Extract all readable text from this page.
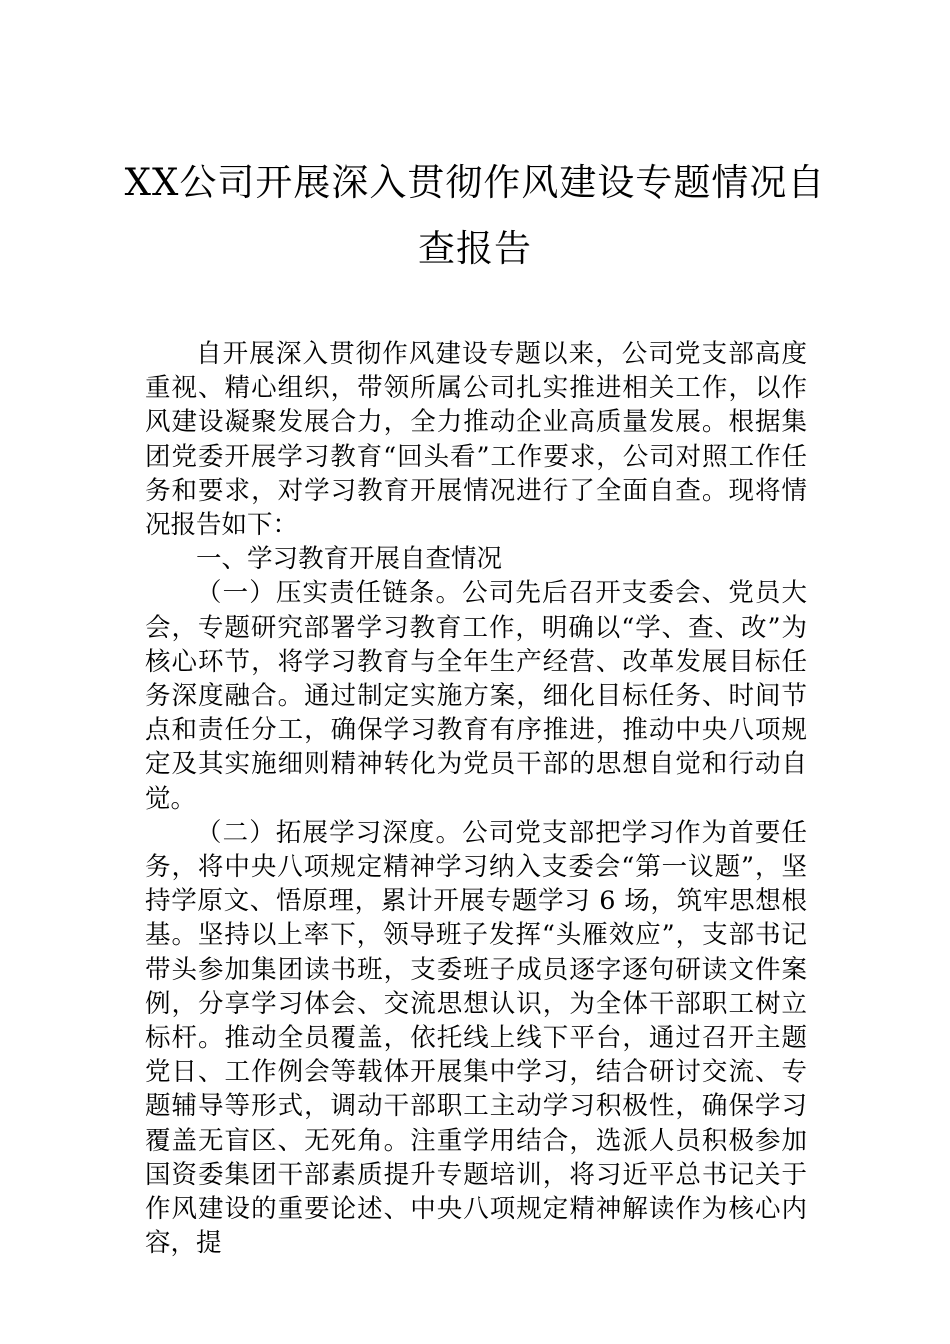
XX公司开展深入贯彻作风建设专题情况自查报告

自开展深入贯彻作风建设专题以来，公司党支部高度重视、精心组织，带领所属公司扎实推进相关工作，以作风建设凝聚发展合力，全力推动企业高质量发展。根据集团党委开展学习教育“回头看”工作要求，公司对照工作任务和要求，对学习教育开展情况进行了全面自查。现将情况报告如下：

一、学习教育开展自查情况

（一）压实责任链条。公司先后召开支委会、党员大会，专题研究部署学习教育工作，明确以“学、查、改”为核心环节，将学习教育与全年生产经营、改革发展目标任务深度融合。通过制定实施方案，细化目标任务、时间节点和责任分工，确保学习教育有序推进，推动中央八项规定及其实施细则精神转化为党员干部的思想自觉和行动自觉。

（二）拓展学习深度。公司党支部把学习作为首要任务，将中央八项规定精神学习纳入支委会“第一议题”，坚持学原文、悟原理，累计开展专题学习 6 场，筑牢思想根基。坚持以上率下，领导班子发挥“头雁效应”，支部书记带头参加集团读书班，支委班子成员逐字逐句研读文件案例，分享学习体会、交流思想认识，为全体干部职工树立标杆。推动全员覆盖，依托线上线下平台，通过召开主题党日、工作例会等载体开展集中学习，结合研讨交流、专题辅导等形式，调动干部职工主动学习积极性，确保学习覆盖无盲区、无死角。注重学用结合，选派人员积极参加国资委集团干部素质提升专题培训，将习近平总书记关于作风建设的重要论述、中央八项规定精神解读作为核心内容，提
